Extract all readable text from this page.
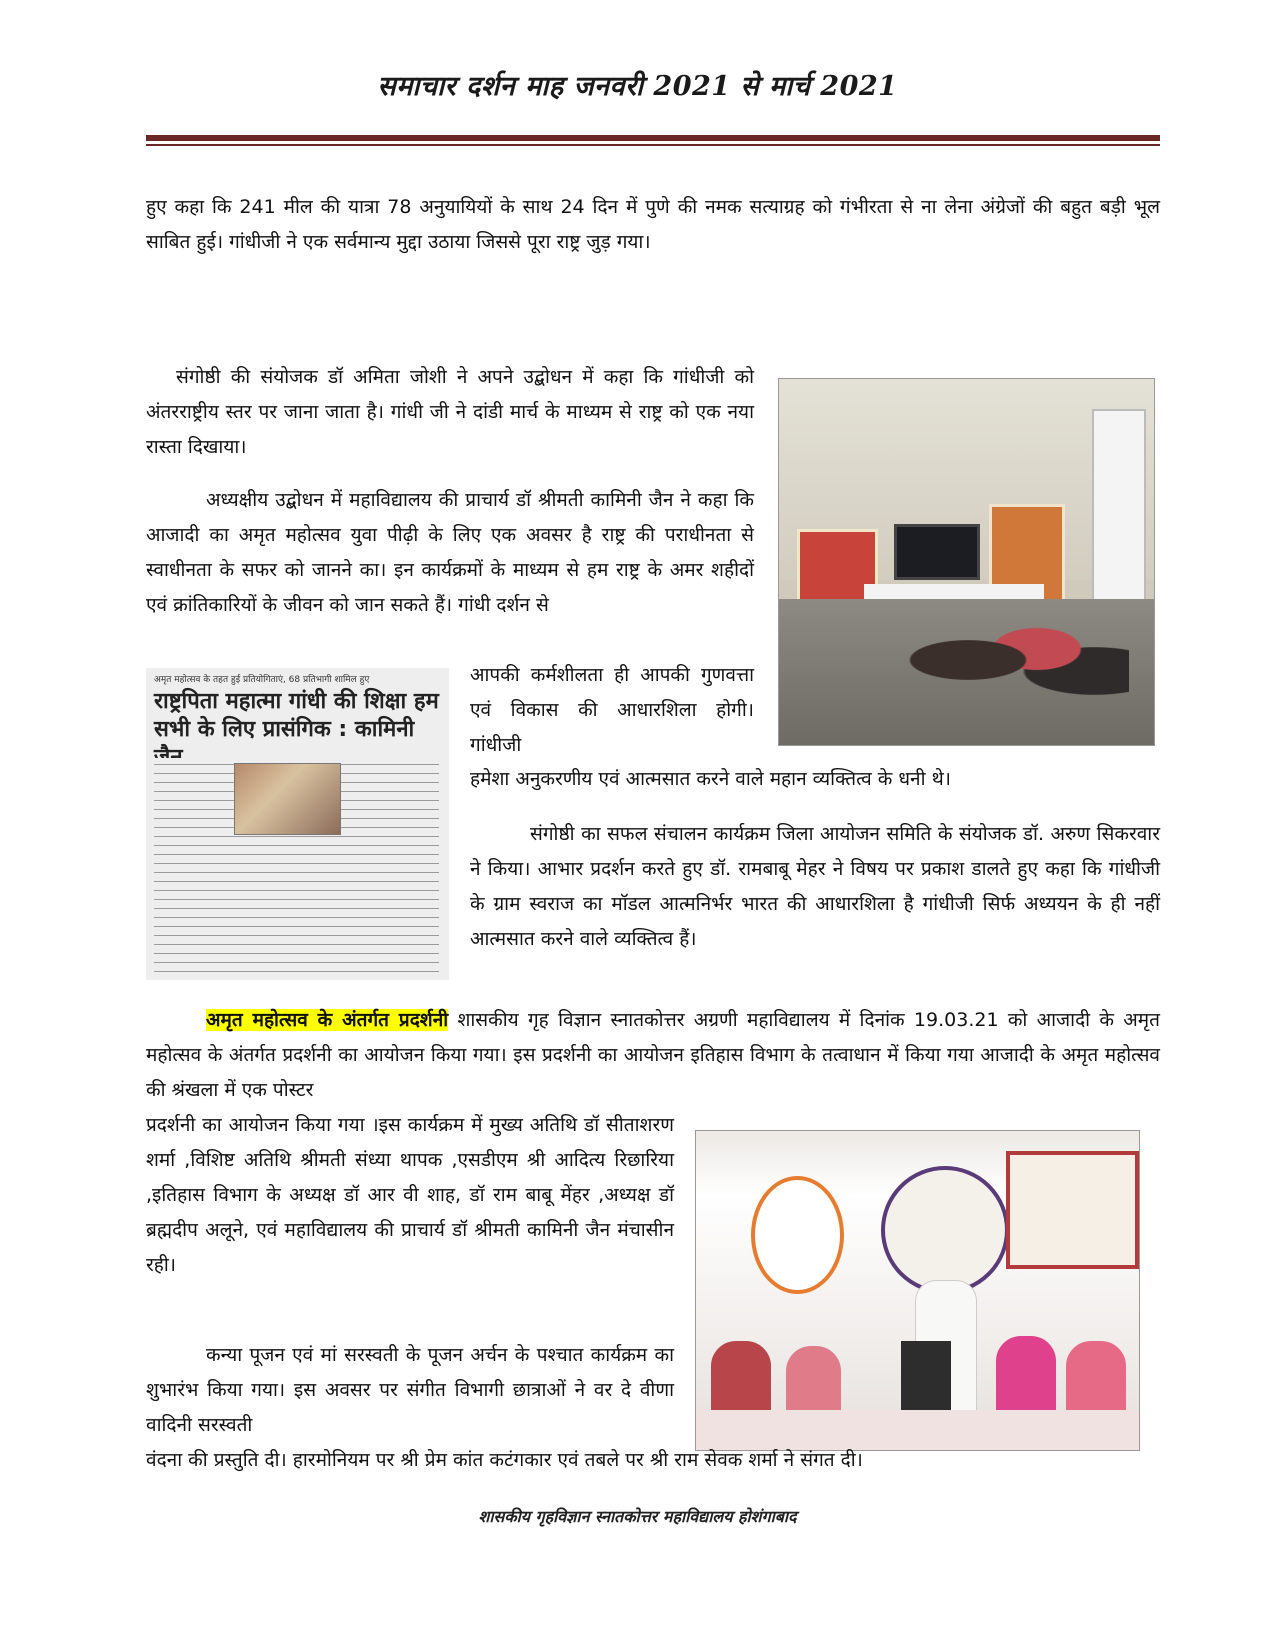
समाचार दर्शन माह जनवरी 2021 से मार्च 2021

हुए कहा कि 241 मील की यात्रा 78 अनुयायियों के साथ 24 दिन में पुणे की नमक सत्याग्रह को गंभीरता से ना लेना अंग्रेजों की बहुत बड़ी भूल साबित हुई। गांधीजी ने एक सर्वमान्य मुद्दा उठाया जिससे पूरा राष्ट्र जुड़ गया।

संगोष्ठी की संयोजक डॉ अमिता जोशी ने अपने उद्बोधन में कहा कि गांधीजी को अंतरराष्ट्रीय स्तर पर जाना जाता है। गांधी जी ने दांडी मार्च के माध्यम से राष्ट्र को एक नया रास्ता दिखाया।

अध्यक्षीय उद्बोधन में महाविद्यालय की प्राचार्य डॉ श्रीमती कामिनी जैन ने कहा कि आजादी का अमृत महोत्सव युवा पीढ़ी के लिए एक अवसर है राष्ट्र की पराधीनता से स्वाधीनता के सफर को जानने का। इन कार्यक्रमों के माध्यम से हम राष्ट्र के अमर शहीदों एवं क्रांतिकारियों के जीवन को जान सकते हैं। गांधी दर्शन से

अमृत महोत्सव के तहत हुई प्रतियोगिताएं, 68 प्रतिभागी शामिल हुए
राष्ट्रपिता महात्मा गांधी की शिक्षा हम सभी के लिए प्रासंगिक : कामिनी

आपकी कर्मशीलता ही आपकी गुणवत्ता एवं विकास की आधारशिला होगी। गांधीजी

हमेशा अनुकरणीय एवं आत्मसात करने वाले महान व्यक्तित्व के धनी थे।

संगोष्ठी का सफल संचालन कार्यक्रम जिला आयोजन समिति के संयोजक डॉ. अरुण सिकरवार ने किया। आभार प्रदर्शन करते हुए डॉ. रामबाबू मेहर ने विषय पर प्रकाश डालते हुए कहा कि गांधीजी के ग्राम स्वराज का मॉडल आत्मनिर्भर भारत की आधारशिला है गांधीजी सिर्फ अध्ययन के ही नहीं आत्मसात करने वाले व्यक्तित्व हैं।

अमृत महोत्सव के अंतर्गत प्रदर्शनी शासकीय गृह विज्ञान स्नातकोत्तर अग्रणी महाविद्यालय में दिनांक 19.03.21 को आजादी के अमृत महोत्सव के अंतर्गत प्रदर्शनी का आयोजन किया गया। इस प्रदर्शनी का आयोजन इतिहास विभाग के तत्वाधान में किया गया आजादी के अमृत महोत्सव की श्रंखला में एक पोस्टर

प्रदर्शनी का आयोजन किया गया ।इस कार्यक्रम में मुख्य अतिथि डॉ सीताशरण शर्मा ,विशिष्ट अतिथि श्रीमती संध्या थापक ,एसडीएम श्री आदित्य रिछारिया ,इतिहास विभाग के अध्यक्ष डॉ आर वी शाह, डॉ राम बाबू मेंहर ,अध्यक्ष डॉ ब्रह्मदीप अलूने, एवं महाविद्यालय की प्राचार्य डॉ श्रीमती कामिनी जैन मंचासीन रही।

कन्या पूजन एवं मां सरस्वती के पूजन अर्चन के पश्चात कार्यक्रम का शुभारंभ किया गया। इस अवसर पर संगीत विभागी छात्राओं ने वर दे वीणा वादिनी सरस्वती

वंदना की प्रस्तुति दी। हारमोनियम पर श्री प्रेम कांत कटंगकार एवं तबले पर श्री राम सेवक शर्मा ने संगत दी।

शासकीय गृहविज्ञान स्नातकोत्तर महाविद्यालय होशंगाबाद
